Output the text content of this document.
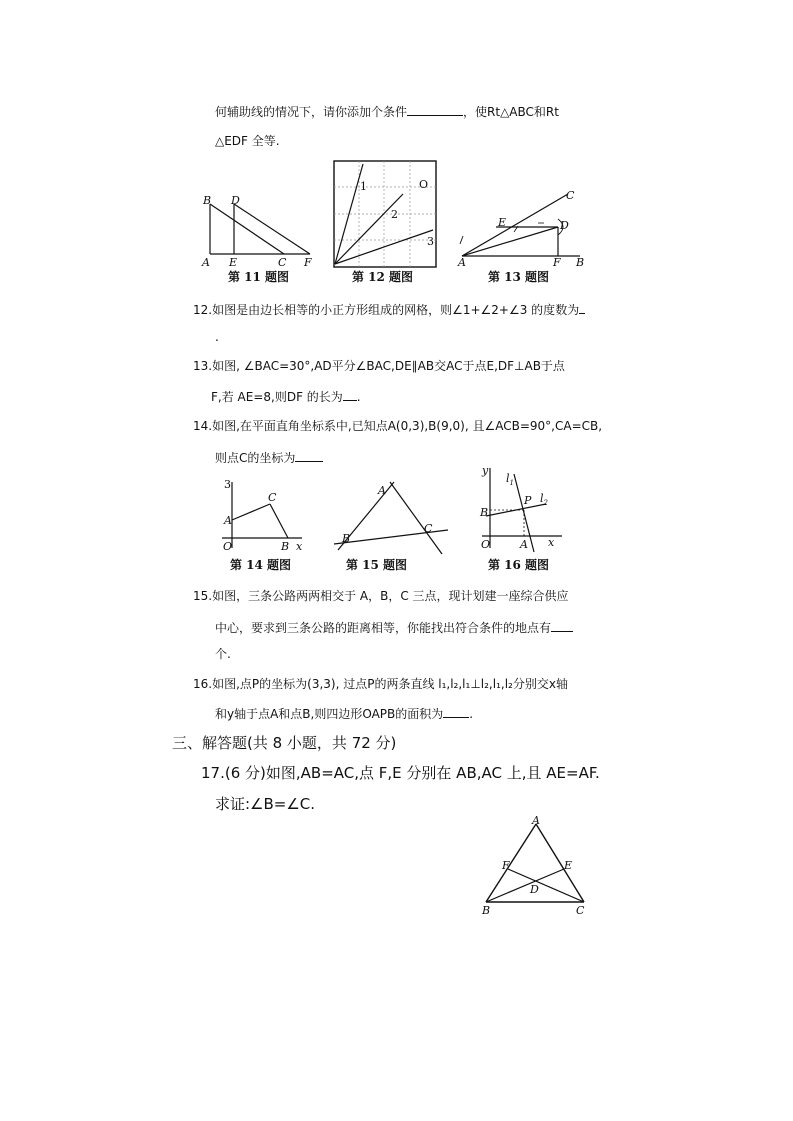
何辅助线的情况下，请你添加个条件	，使Rt△ABC和Rt
△EDF 全等.
B D
A E	C F
第 11 题图
1
2
3
O
第 12 题图
C
E	D
A	F B
第 13 题图
12.如图是由边长相等的小正方形组成的网格，则∠1+∠2+∠3 的度数为
.
13.如图, ∠BAC=30°,AD平分∠BAC,DE∥AB交AC于点E,DF⊥AB于点
F,若 AE=8,则DF 的长为 .
14.如图,在平面直角坐标系中,已知点A(0,3),B(9,0), 且∠ACB=90°,CA=CB,
则点C的坐标为
3
A
C
O	B x
第 14 题图
A
B
C
第 15 题图
y
$l_1$
$l_2$
P
B
O	A x
第 16 题图
15.如图，三条公路两两相交于 A，B，C 三点，现计划建一座综合供应
中心，要求到三条公路的距离相等，你能找出符合条件的地点有
个.
16.如图,点P的坐标为(3,3), 过点P的两条直线 l₁,l₂,l₁⊥l₂,l₁,l₂分别交x轴
和y轴于点A和点B,则四边形OAPB的面积为 .
三、解答题(共 8 小题，共 72 分)
17.(6 分)如图,AB=AC,点 F,E 分别在 AB,AC 上,且 AE=AF.
求证:∠B=∠C.
A
F	E
D
B	C
